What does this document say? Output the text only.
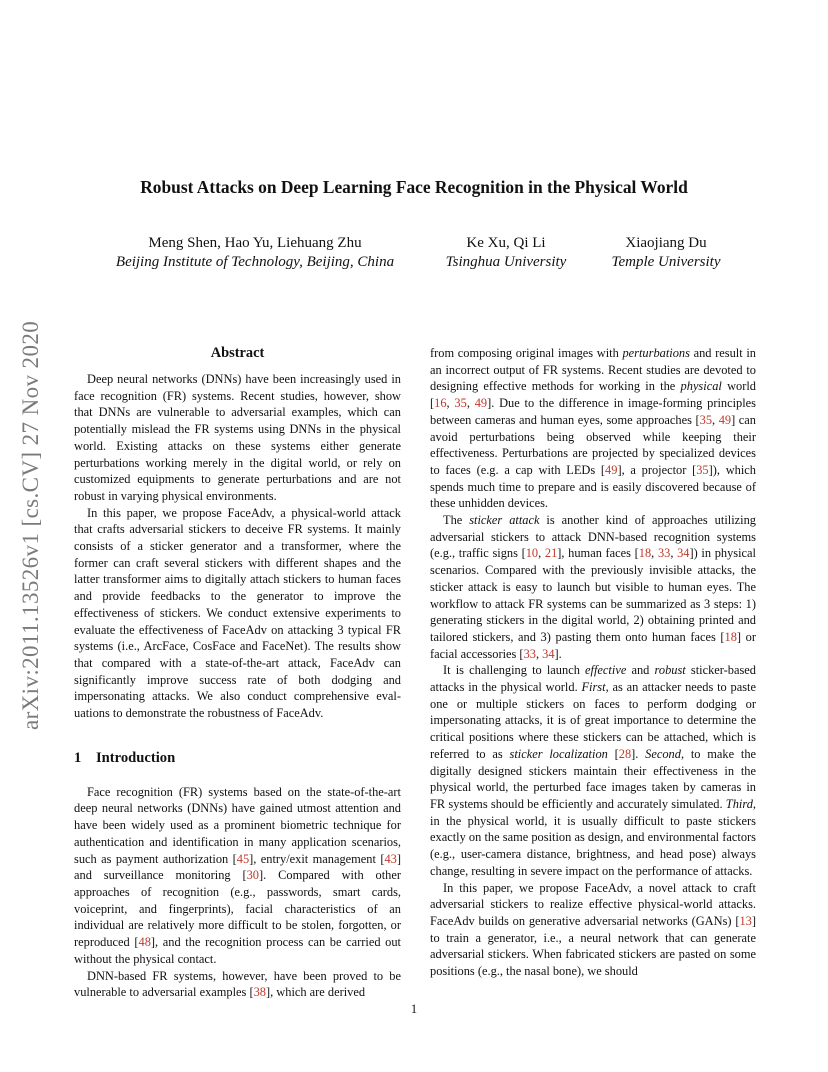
arXiv:2011.13526v1 [cs.CV] 27 Nov 2020
Robust Attacks on Deep Learning Face Recognition in the Physical World
Meng Shen, Hao Yu, Liehuang Zhu
Beijing Institute of Technology, Beijing, China
Ke Xu, Qi Li
Tsinghua University
Xiaojiang Du
Temple University
Abstract

Deep neural networks (DNNs) have been increasingly used in face recognition (FR) systems. Recent studies, however, show that DNNs are vulnerable to adversarial examples, which can potentially mislead the FR systems using DNNs in the physical world. Existing attacks on these systems either generate perturbations working merely in the digital world, or rely on customized equipments to generate perturbations and are not robust in varying physical environments.

In this paper, we propose FaceAdv, a physical-world attack that crafts adversarial stickers to deceive FR systems. It mainly consists of a sticker generator and a transformer, where the former can craft several stickers with different shapes and the latter transformer aims to digitally attach stickers to human faces and provide feedbacks to the generator to improve the effectiveness of stickers. We conduct extensive experiments to evaluate the effectiveness of FaceAdv on attacking 3 typical FR systems (i.e., ArcFace, CosFace and FaceNet). The results show that compared with a state-of-the-art attack, FaceAdv can significantly improve success rate of both dodging and impersonating attacks. We also conduct comprehensive evaluations to demonstrate the robustness of FaceAdv.

1 Introduction

Face recognition (FR) systems based on the state-of-the-art deep neural networks (DNNs) have gained utmost attention and have been widely used as a prominent biometric technique for authentication and identification in many application scenarios, such as payment authorization [45], entry/exit management [43] and surveillance monitoring [30]. Compared with other approaches of recognition (e.g., passwords, smart cards, voiceprint, and fingerprints), facial characteristics of an individual are relatively more difficult to be stolen, forgotten, or reproduced [48], and the recognition process can be carried out without the physical contact.

DNN-based FR systems, however, have been proved to be vulnerable to adversarial examples [38], which are derived

from composing original images with perturbations and result in an incorrect output of FR systems. Recent studies are devoted to designing effective methods for working in the physical world [16, 35, 49]. Due to the difference in image-forming principles between cameras and human eyes, some approaches [35, 49] can avoid perturbations being observed while keeping their effectiveness. Perturbations are projected by specialized devices to faces (e.g. a cap with LEDs [49], a projector [35]), which spends much time to prepare and is easily discovered because of these unhidden devices.

The sticker attack is another kind of approaches utilizing adversarial stickers to attack DNN-based recognition systems (e.g., traffic signs [10, 21], human faces [18, 33, 34]) in physical scenarios. Compared with the previously invisible attacks, the sticker attack is easy to launch but visible to human eyes. The workflow to attack FR systems can be summarized as 3 steps: 1) generating stickers in the digital world, 2) obtaining printed and tailored stickers, and 3) pasting them onto human faces [18] or facial accessories [33, 34].

It is challenging to launch effective and robust sticker-based attacks in the physical world. First, as an attacker needs to paste one or multiple stickers on faces to perform dodging or impersonating attacks, it is of great importance to determine the critical positions where these stickers can be attached, which is referred to as sticker localization [28]. Second, to make the digitally designed stickers maintain their effectiveness in the physical world, the perturbed face images taken by cameras in FR systems should be efficiently and accurately simulated. Third, in the physical world, it is usually difficult to paste stickers exactly on the same position as design, and environmental factors (e.g., user-camera distance, brightness, and head pose) always change, resulting in severe impact on the performance of attacks.

In this paper, we propose FaceAdv, a novel attack to craft adversarial stickers to realize effective physical-world attacks. FaceAdv builds on generative adversarial networks (GANs) [13] to train a generator, i.e., a neural network that can generate adversarial stickers. When fabricated stickers are pasted on some positions (e.g., the nasal bone), we should

1
